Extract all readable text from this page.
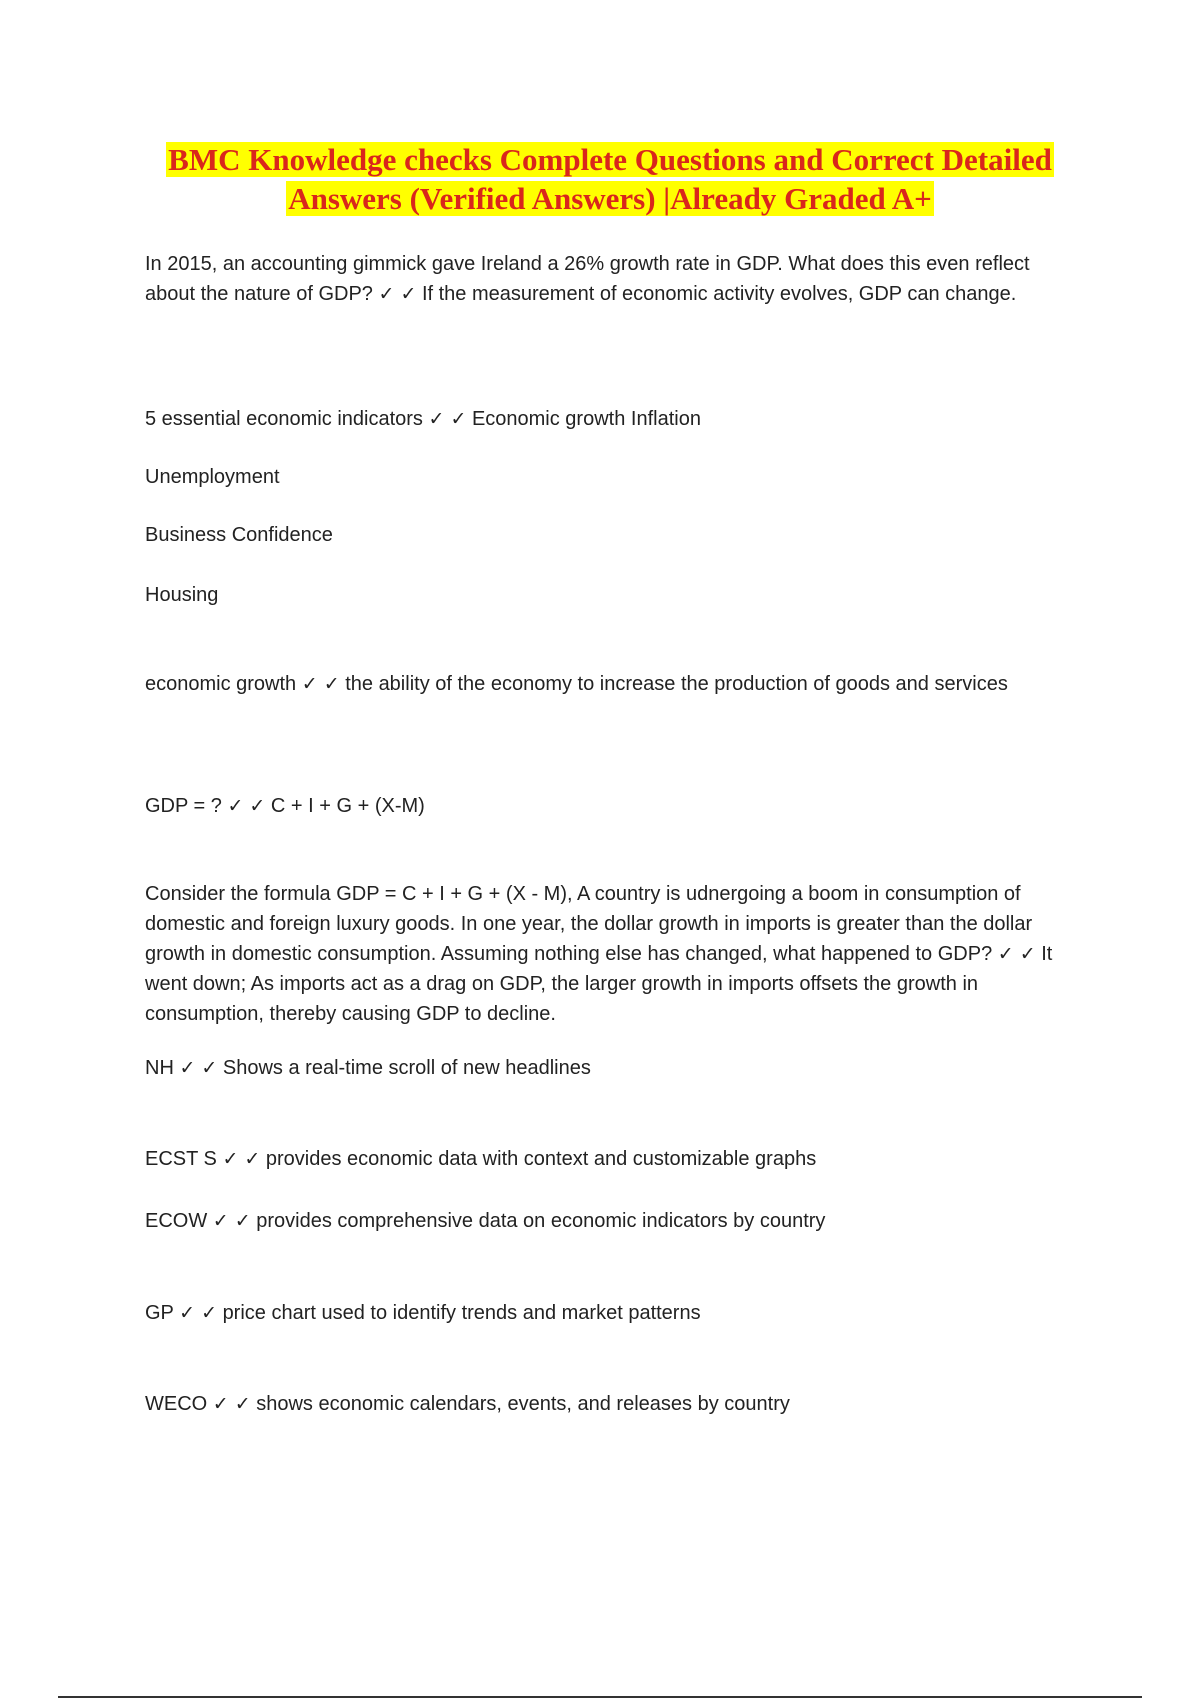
BMC Knowledge checks Complete Questions and Correct Detailed
Answers (Verified Answers) |Already Graded A+

In 2015, an accounting gimmick gave Ireland a 26% growth rate in GDP. What does this even reflect about the nature of GDP? ✓ ✓ If the measurement of economic activity evolves, GDP can change.

5 essential economic indicators ✓ ✓ Economic growth Inflation

Unemployment

Business Confidence

Housing

economic growth ✓ ✓ the ability of the economy to increase the production of goods and services

GDP = ? ✓ ✓ C + I + G + (X-M)

Consider the formula GDP = C + I + G + (X - M), A country is udnergoing a boom in consumption of domestic and foreign luxury goods. In one year, the dollar growth in imports is greater than the dollar growth in domestic consumption. Assuming nothing else has changed, what happened to GDP? ✓ ✓ It went down; As imports act as a drag on GDP, the larger growth in imports offsets the growth in consumption, thereby causing GDP to decline.

NH ✓ ✓ Shows a real-time scroll of new headlines

ECST S ✓ ✓ provides economic data with context and customizable graphs

ECOW ✓ ✓ provides comprehensive data on economic indicators by country

GP ✓ ✓ price chart used to identify trends and market patterns

WECO ✓ ✓ shows economic calendars, events, and releases by country
